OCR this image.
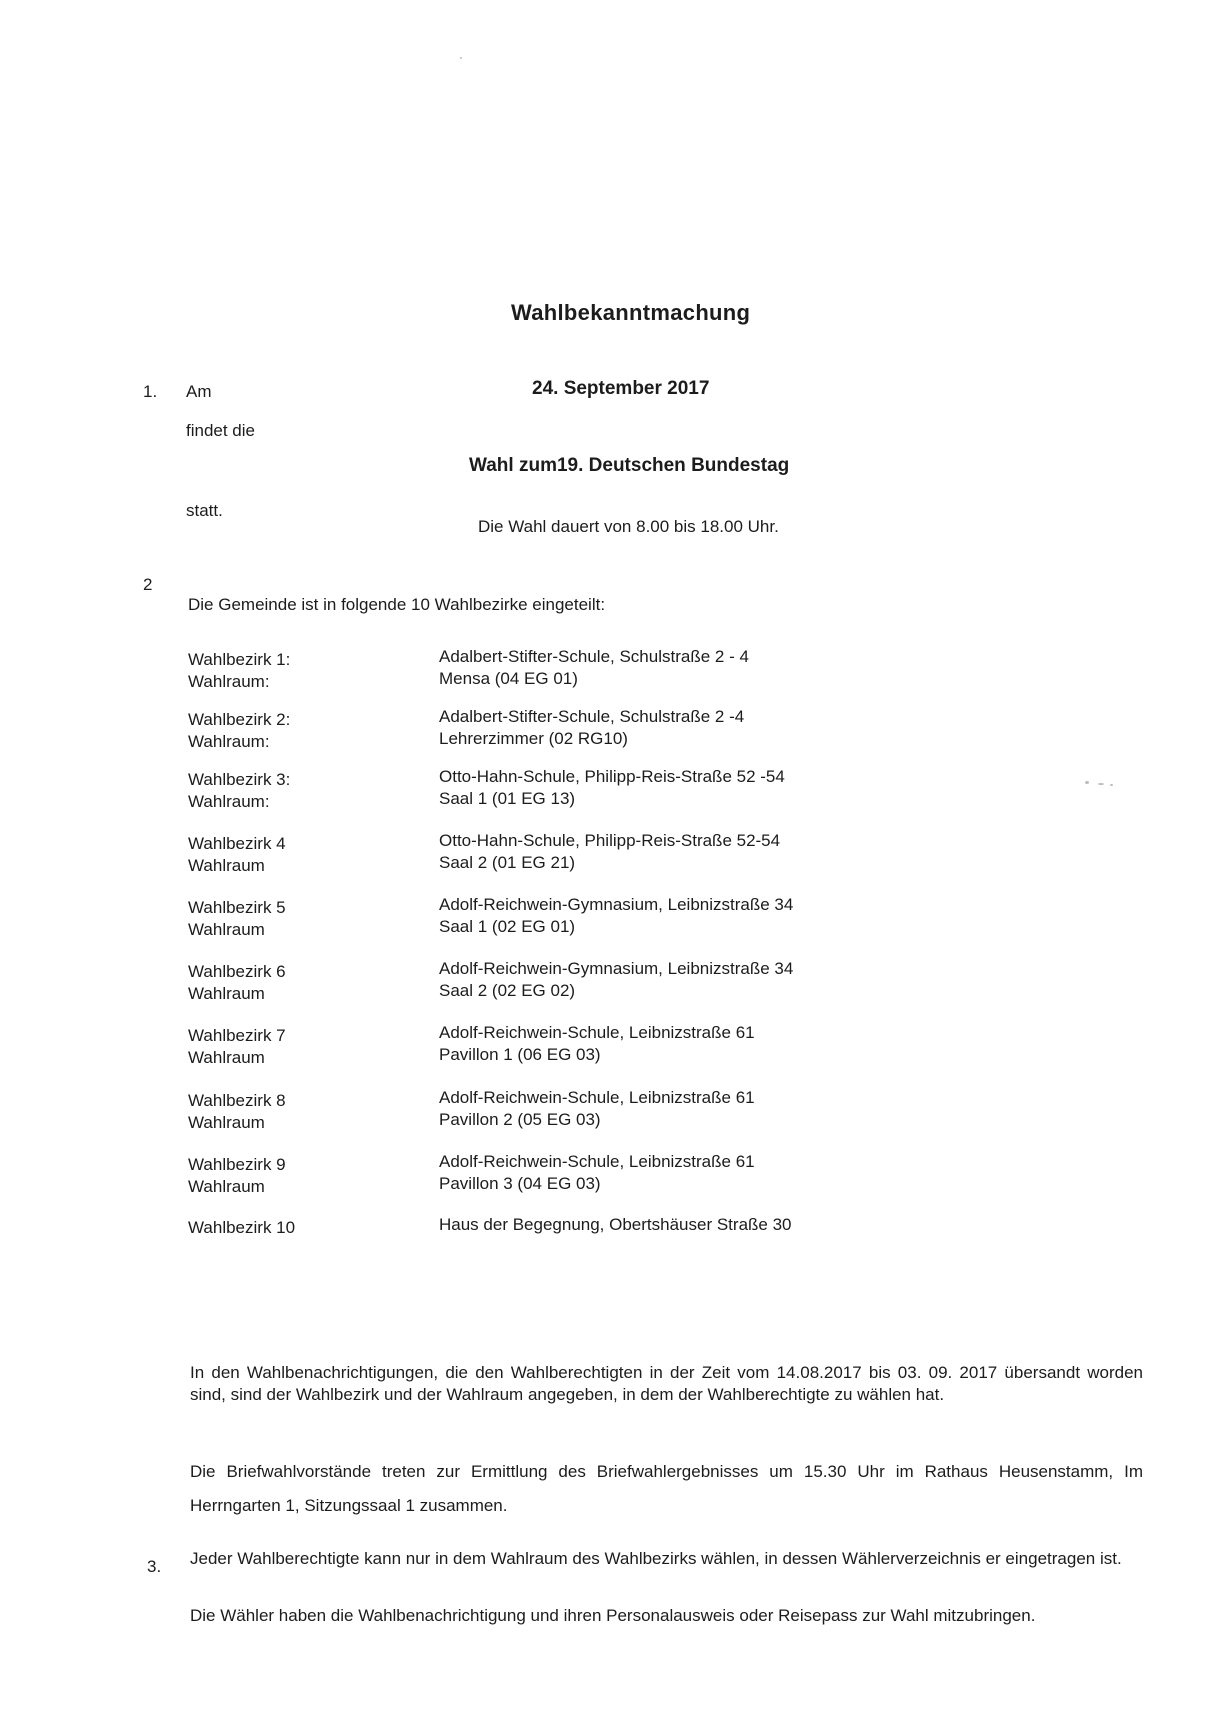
Wahlbekanntmachung
1. Am	24. September 2017
findet die
Wahl zum19. Deutschen Bundestag
statt.
Die Wahl dauert von 8.00 bis 18.00 Uhr.
2
Die Gemeinde ist in folgende 10 Wahlbezirke eingeteilt:
Wahlbezirk 1:
Wahlraum:
Adalbert-Stifter-Schule, Schulstraße 2 - 4
Mensa (04 EG 01)
Wahlbezirk 2:
Wahlraum:
Adalbert-Stifter-Schule, Schulstraße 2 -4
Lehrerzimmer (02 RG10)
Wahlbezirk 3:
Wahlraum:
Otto-Hahn-Schule, Philipp-Reis-Straße 52 -54
Saal 1 (01 EG 13)
Wahlbezirk 4
Wahlraum
Otto-Hahn-Schule, Philipp-Reis-Straße 52-54
Saal 2 (01 EG 21)
Wahlbezirk 5
Wahlraum
Adolf-Reichwein-Gymnasium, Leibnizstraße 34
Saal 1 (02 EG 01)
Wahlbezirk 6
Wahlraum
Adolf-Reichwein-Gymnasium, Leibnizstraße 34
Saal 2 (02 EG 02)
Wahlbezirk 7
Wahlraum
Adolf-Reichwein-Schule, Leibnizstraße 61
Pavillon 1 (06 EG 03)
Wahlbezirk 8
Wahlraum
Adolf-Reichwein-Schule, Leibnizstraße 61
Pavillon 2 (05 EG 03)
Wahlbezirk 9
Wahlraum
Adolf-Reichwein-Schule, Leibnizstraße 61
Pavillon 3 (04 EG 03)
Wahlbezirk 10	Haus der Begegnung, Obertshäuser Straße 30
In den Wahlbenachrichtigungen, die den Wahlberechtigten in der Zeit vom 14.08.2017 bis 03. 09. 2017 übersandt worden sind, sind der Wahlbezirk und der Wahlraum angegeben, in dem der Wahlberechtigte zu wählen hat.
Die Briefwahlvorstände treten zur Ermittlung des Briefwahlergebnisses um 15.30 Uhr im Rathaus Heusenstamm, Im Herrngarten 1, Sitzungssaal 1 zusammen.
3. Jeder Wahlberechtigte kann nur in dem Wahlraum des Wahlbezirks wählen, in dessen Wählerverzeichnis er eingetragen ist.
Die Wähler haben die Wahlbenachrichtigung und ihren Personalausweis oder Reisepass zur Wahl mitzubringen.
